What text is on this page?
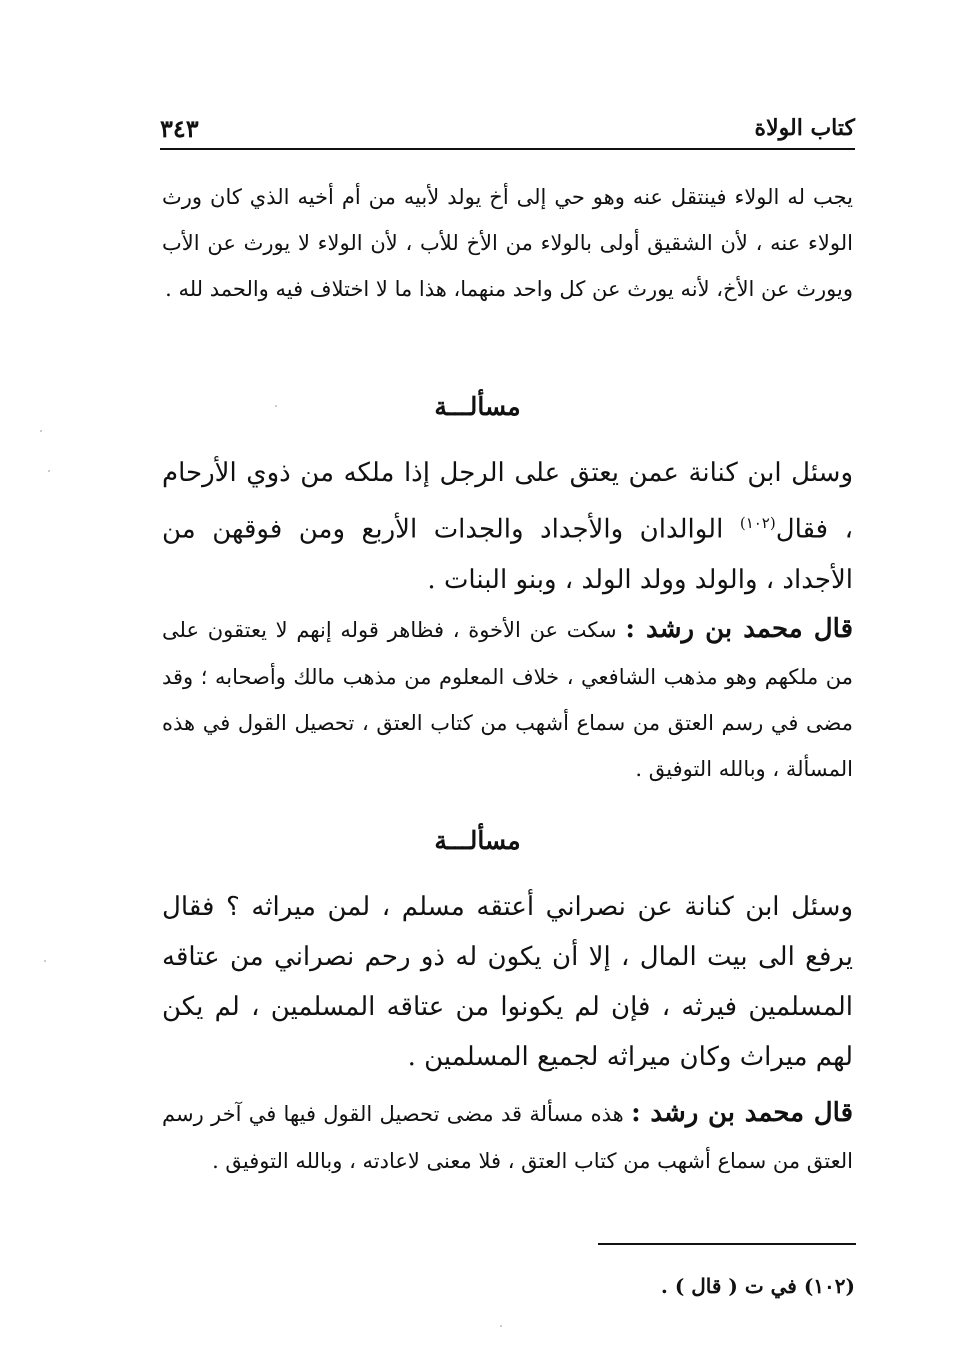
كتاب الولاة
٣٤٣
يجب له الولاء فينتقل عنه وهو حي إلى أخ يولد لأبيه من أم أخيه الذي كان ورث الولاء عنه ، لأن الشقيق أولى بالولاء من الأخ للأب ، لأن الولاء لا يورث عن الأب ويورث عن الأخ، لأنه يورث عن كل واحد منهما، هذا ما لا اختلاف فيه والحمد لله .
مسألـــة
وسئل ابن كنانة عمن يعتق على الرجل إذا ملكه من ذوي الأرحام ، فقال$^{(١٠٢)}$ الوالدان والأجداد والجدات الأربع ومن فوقهن من الأجداد ، والولد وولد الولد ، وبنو البنات .
قال محمد بن رشد : سكت عن الأخوة ، فظاهر قوله إنهم لا يعتقون على من ملكهم وهو مذهب الشافعي ، خلاف المعلوم من مذهب مالك وأصحابه ؛ وقد مضى في رسم العتق من سماع أشهب من كتاب العتق ، تحصيل القول في هذه المسألة ، وبالله التوفيق .
مسألـــة
وسئل ابن كنانة عن نصراني أعتقه مسلم ، لمن ميراثه ؟ فقال يرفع الى بيت المال ، إلا أن يكون له ذو رحم نصراني من عتاقه المسلمين فيرثه ، فإن لم يكونوا من عتاقه المسلمين ، لم يكن لهم ميراث وكان ميراثه لجميع المسلمين .
قال محمد بن رشد : هذه مسألة قد مضى تحصيل القول فيها في آخر رسم العتق من سماع أشهب من كتاب العتق ، فلا معنى لاعادته ، وبالله التوفيق .
(١٠٢) في ت ( قال ) .
